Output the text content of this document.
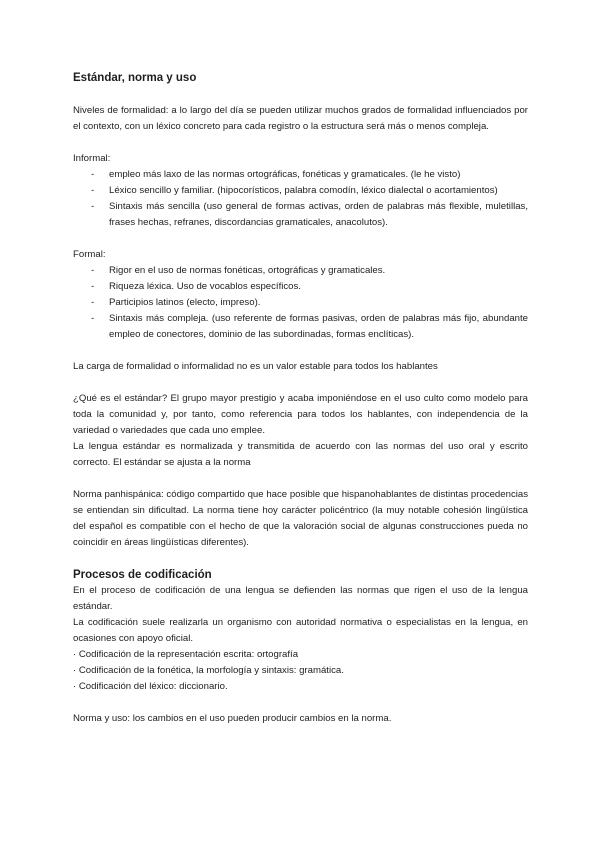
Estándar, norma y uso

Niveles de formalidad: a lo largo del día se pueden utilizar muchos grados de formalidad influenciados por el contexto, con un léxico concreto para cada registro o la estructura será más o menos compleja.

Informal:

- empleo más laxo de las normas ortográficas, fonéticas y gramaticales. (le he visto)
- Léxico sencillo y familiar. (hipocorísticos, palabra comodín, léxico dialectal o acortamientos)
- Sintaxis más sencilla (uso general de formas activas, orden de palabras más flexible, muletillas, frases hechas, refranes, discordancias gramaticales, anacolutos).

Formal:

- Rigor en el uso de normas fonéticas, ortográficas y gramaticales.
- Riqueza léxica. Uso de vocablos específicos.
- Participios latinos (electo, impreso).
- Sintaxis más compleja. (uso referente de formas pasivas, orden de palabras más fijo, abundante empleo de conectores, dominio de las subordinadas, formas enclíticas).

La carga de formalidad o informalidad no es un valor estable para todos los hablantes

¿Qué es el estándar? El grupo mayor prestigio y acaba imponiéndose en el uso culto como modelo para toda la comunidad y, por tanto, como referencia para todos los hablantes, con independencia de la variedad o variedades que cada uno emplee.

La lengua estándar es normalizada y transmitida de acuerdo con las normas del uso oral y escrito correcto. El estándar se ajusta a la norma

Norma panhispánica: código compartido que hace posible que hispanohablantes de distintas procedencias se entiendan sin dificultad. La norma tiene hoy carácter policéntrico (la muy notable cohesión lingüística del español es compatible con el hecho de que la valoración social de algunas construcciones pueda no coincidir en áreas lingüísticas diferentes).

Procesos de codificación

En el proceso de codificación de una lengua se defienden las normas que rigen el uso de la lengua estándar.

La codificación suele realizarla un organismo con autoridad normativa o especialistas en la lengua, en ocasiones con apoyo oficial.

· Codificación de la representación escrita: ortografía

· Codificación de la fonética, la morfología y sintaxis: gramática.

· Codificación del léxico: diccionario.

Norma y uso: los cambios en el uso pueden producir cambios en la norma.
